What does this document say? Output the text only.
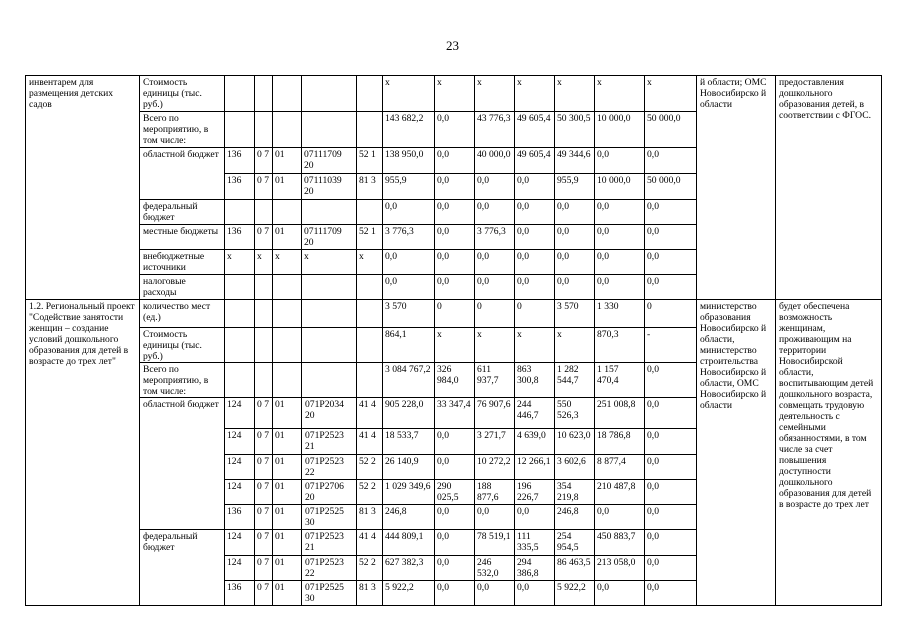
23
инвентарем для размещения детских садов	Стоимость единицы (тыс. руб.)						х	х	х	х	х	х	х	й области; ОМС Новосибирско й области	предоставления дошкольного образования детей, в соответствии с ФГОС.
	Всего по мероприятию, в том числе:						143 682,2	0,0	43 776,3	49 605,4	50 300,5	10 000,0	50 000,0		
	областной бюджет	136	0 7	01	07111709 20	52 1	138 950,0	0,0	40 000,0	49 605,4	49 344,6	0,0	0,0		
		136	0 7	01	07111039 20	81 3	955,9	0,0	0,0	0,0	955,9	10 000,0	50 000,0		
	федеральный бюджет						0,0	0,0	0,0	0,0	0,0	0,0	0,0		
	местные бюджеты	136	0 7	01	07111709 20	52 1	3 776,3	0,0	3 776,3	0,0	0,0	0,0	0,0		
	внебюджетные источники	х	х	х	х	х	0,0	0,0	0,0	0,0	0,0	0,0	0,0		
	налоговые расходы						0,0	0,0	0,0	0,0	0,0	0,0	0,0		
1.2. Региональный проект "Содействие занятости женщин – создание условий дошкольного образования для детей в возрасте до трех лет"	количество мест (ед.)						3 570	0	0	0	3 570	1 330	0	министерство образования Новосибирско й области, министерство строительства Новосибирско й области, ОМС Новосибирско й области	будет обеспечена возможность женщинам, проживающим на территории Новосибирской области, воспитывающим детей дошкольного возраста, совмещать трудовую деятельность с семейными обязанностями, в том числе за счет повышения доступности дошкольного образования для детей в возрасте до трех лет
	Стоимость единицы (тыс. руб.)						864,1	х	х	х	х	870,3	-		
	Всего по мероприятию, в том числе:						3 084 767,2	326 984,0	611 937,7	863 300,8	1 282 544,7	1 157 470,4	0,0		
	областной бюджет	124	0 7	01	071P2034 20	41 4	905 228,0	33 347,4	76 907,6	244 446,7	550 526,3	251 008,8	0,0		
		124	0 7	01	071P2523 21	41 4	18 533,7	0,0	3 271,7	4 639,0	10 623,0	18 786,8	0,0		
		124	0 7	01	071P2523 22	52 2	26 140,9	0,0	10 272,2	12 266,1	3 602,6	8 877,4	0,0		
		124	0 7	01	071P2706 20	52 2	1 029 349,6	290 025,5	188 877,6	196 226,7	354 219,8	210 487,8	0,0		
		136	0 7	01	071P2525 30	81 3	246,8	0,0	0,0	0,0	246,8	0,0	0,0		
	федеральный бюджет	124	0 7	01	071P2523 21	41 4	444 809,1	0,0	78 519,1	111 335,5	254 954,5	450 883,7	0,0		
		124	0 7	01	071P2523 22	52 2	627 382,3	0,0	246 532,0	294 386,8	86 463,5	213 058,0	0,0		
		136	0 7	01	071P2525 30	81 3	5 922,2	0,0	0,0	0,0	5 922,2	0,0	0,0		
